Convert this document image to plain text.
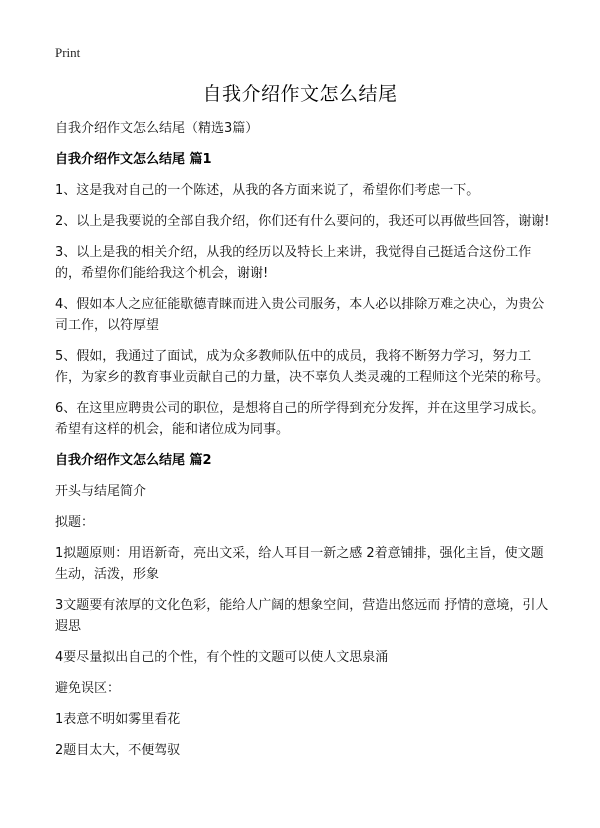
Print
自我介绍作文怎么结尾

自我介绍作文怎么结尾（精选3篇）

自我介绍作文怎么结尾 篇1

1、这是我对自己的一个陈述，从我的各方面来说了，希望你们考虑一下。

2、以上是我要说的全部自我介绍，你们还有什么要问的，我还可以再做些回答，谢谢!

3、以上是我的相关介绍，从我的经历以及特长上来讲，我觉得自己挺适合这份工作的，希望你们能给我这个机会，谢谢!

4、假如本人之应征能歇德青睐而进入贵公司服务，本人必以排除万难之决心，为贵公司工作，以符厚望

5、假如，我通过了面试，成为众多教师队伍中的成员，我将不断努力学习，努力工作，为家乡的教育事业贡献自己的力量，决不辜负人类灵魂的工程师这个光荣的称号。

6、在这里应聘贵公司的职位，是想将自己的所学得到充分发挥，并在这里学习成长。希望有这样的机会，能和诸位成为同事。

自我介绍作文怎么结尾 篇2

开头与结尾简介

拟题：

1拟题原则：用语新奇，亮出文采，给人耳目一新之感 2着意铺排，强化主旨，使文题生动，活泼，形象

3文题要有浓厚的文化色彩，能给人广阔的想象空间，营造出悠远而 抒情的意境，引人遐思

4要尽量拟出自己的个性，有个性的文题可以使人文思泉涌

避免误区：

1表意不明如雾里看花

2题目太大，不便驾驭
